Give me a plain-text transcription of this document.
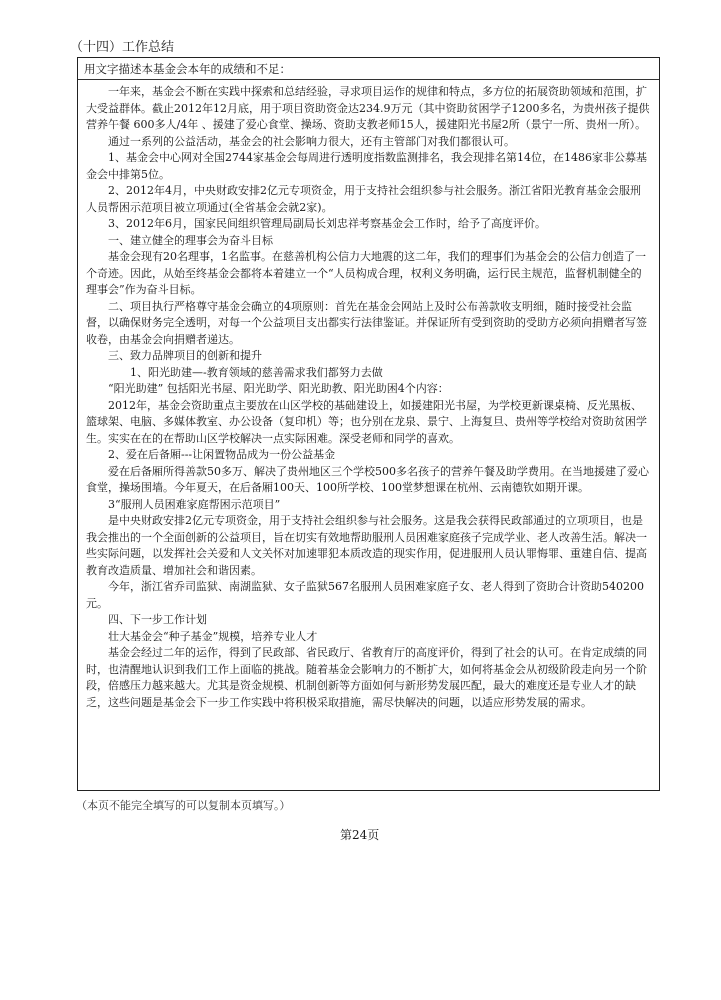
（十四）工作总结
用文字描述本基金会本年的成绩和不足：

一年来，基金会不断在实践中探索和总结经验，寻求项目运作的规律和特点，多方位的拓展资助领域和范围，扩大受益群体。截止2012年12月底，用于项目资助资金达234.9万元（其中资助贫困学子1200多名，为贵州孩子提供营养午餐 600多人/4年 、援建了爱心食堂、操场、资助支教老师15人，援建阳光书屋2所（景宁一所、贵州一所）。

通过一系列的公益活动，基金会的社会影响力很大，还有主管部门对我们都很认可。

1、基金会中心网对全国2744家基金会每周进行透明度指数监测排名，我会现排名第14位，在1486家非公募基金会中排第5位。

2、2012年4月，中央财政安排2亿元专项资金，用于支持社会组织参与社会服务。浙江省阳光教育基金会服刑人员帮困示范项目被立项通过(全省基金会就2家)。

3、2012年6月，国家民间组织管理局副局长刘忠祥考察基金会工作时，给予了高度评价。

一、建立健全的理事会为奋斗目标

基金会现有20名理事，1名监事。在慈善机构公信力大地震的这二年，我们的理事们为基金会的公信力创造了一个奇迹。因此，从始至终基金会都将本着建立一个“人员构成合理，权利义务明确，运行民主规范，监督机制健全的理事会”作为奋斗目标。

二、项目执行严格尊守基金会确立的4项原则：首先在基金会网站上及时公布善款收支明细，随时接受社会监督，以确保财务完全透明，对每一个公益项目支出都实行法律鉴证。并保证所有受到资助的受助方必须向捐赠者写签收卷，由基金会向捐赠者递达。

三、致力品牌项目的创新和提升

1、阳光助建—-教育领域的慈善需求我们都努力去做

“阳光助建” 包括阳光书屋、阳光助学、阳光助教、阳光助困4个内容：

2012年，基金会资助重点主要放在山区学校的基础建设上，如援建阳光书屋，为学校更新课桌椅、反光黑板、篮球架、电脑、多媒体教室、办公设备（复印机）等；也分别在龙泉、景宁、上海复旦、贵州等学校给对资助贫困学生。实实在在的在帮助山区学校解决一点实际困难。深受老师和同学的喜欢。

2、爱在后备厢---让闲置物品成为一份公益基金

爱在后备厢所得善款50多万、解决了贵州地区三个学校500多名孩子的营养午餐及助学费用。在当地援建了爱心食堂，操场围墙。今年夏天，在后备厢100天、100所学校、100堂梦想课在杭州、云南德钦如期开课。

3“服刑人员困难家庭帮困示范项目”

是中央财政安排2亿元专项资金，用于支持社会组织参与社会服务。这是我会获得民政部通过的立项项目，也是我会推出的一个全面创新的公益项目，旨在切实有效地帮助服刑人员困难家庭孩子完成学业、老人改善生活。解决一些实际问题，以发挥社会关爱和人文关怀对加速罪犯本质改造的现实作用，促进服刑人员认罪悔罪、重建自信、提高教育改造质量、增加社会和谐因素。

今年，浙江省乔司监狱、南湖监狱、女子监狱567名服刑人员困难家庭子女、老人得到了资助合计资助540200元。

四、下一步工作计划

壮大基金会“种子基金”规模，培养专业人才

基金会经过二年的运作，得到了民政部、省民政厅、省教育厅的高度评价，得到了社会的认可。在肯定成绩的同时，也清醒地认识到我们工作上面临的挑战。随着基金会影响力的不断扩大，如何将基金会从初级阶段走向另一个阶段，倍感压力越来越大。尤其是资金规模、机制创新等方面如何与新形势发展匹配，最大的难度还是专业人才的缺乏，这些问题是基金会下一步工作实践中将积极采取措施，需尽快解决的问题，以适应形势发展的需求。

（本页不能完全填写的可以复制本页填写。）
第24页
